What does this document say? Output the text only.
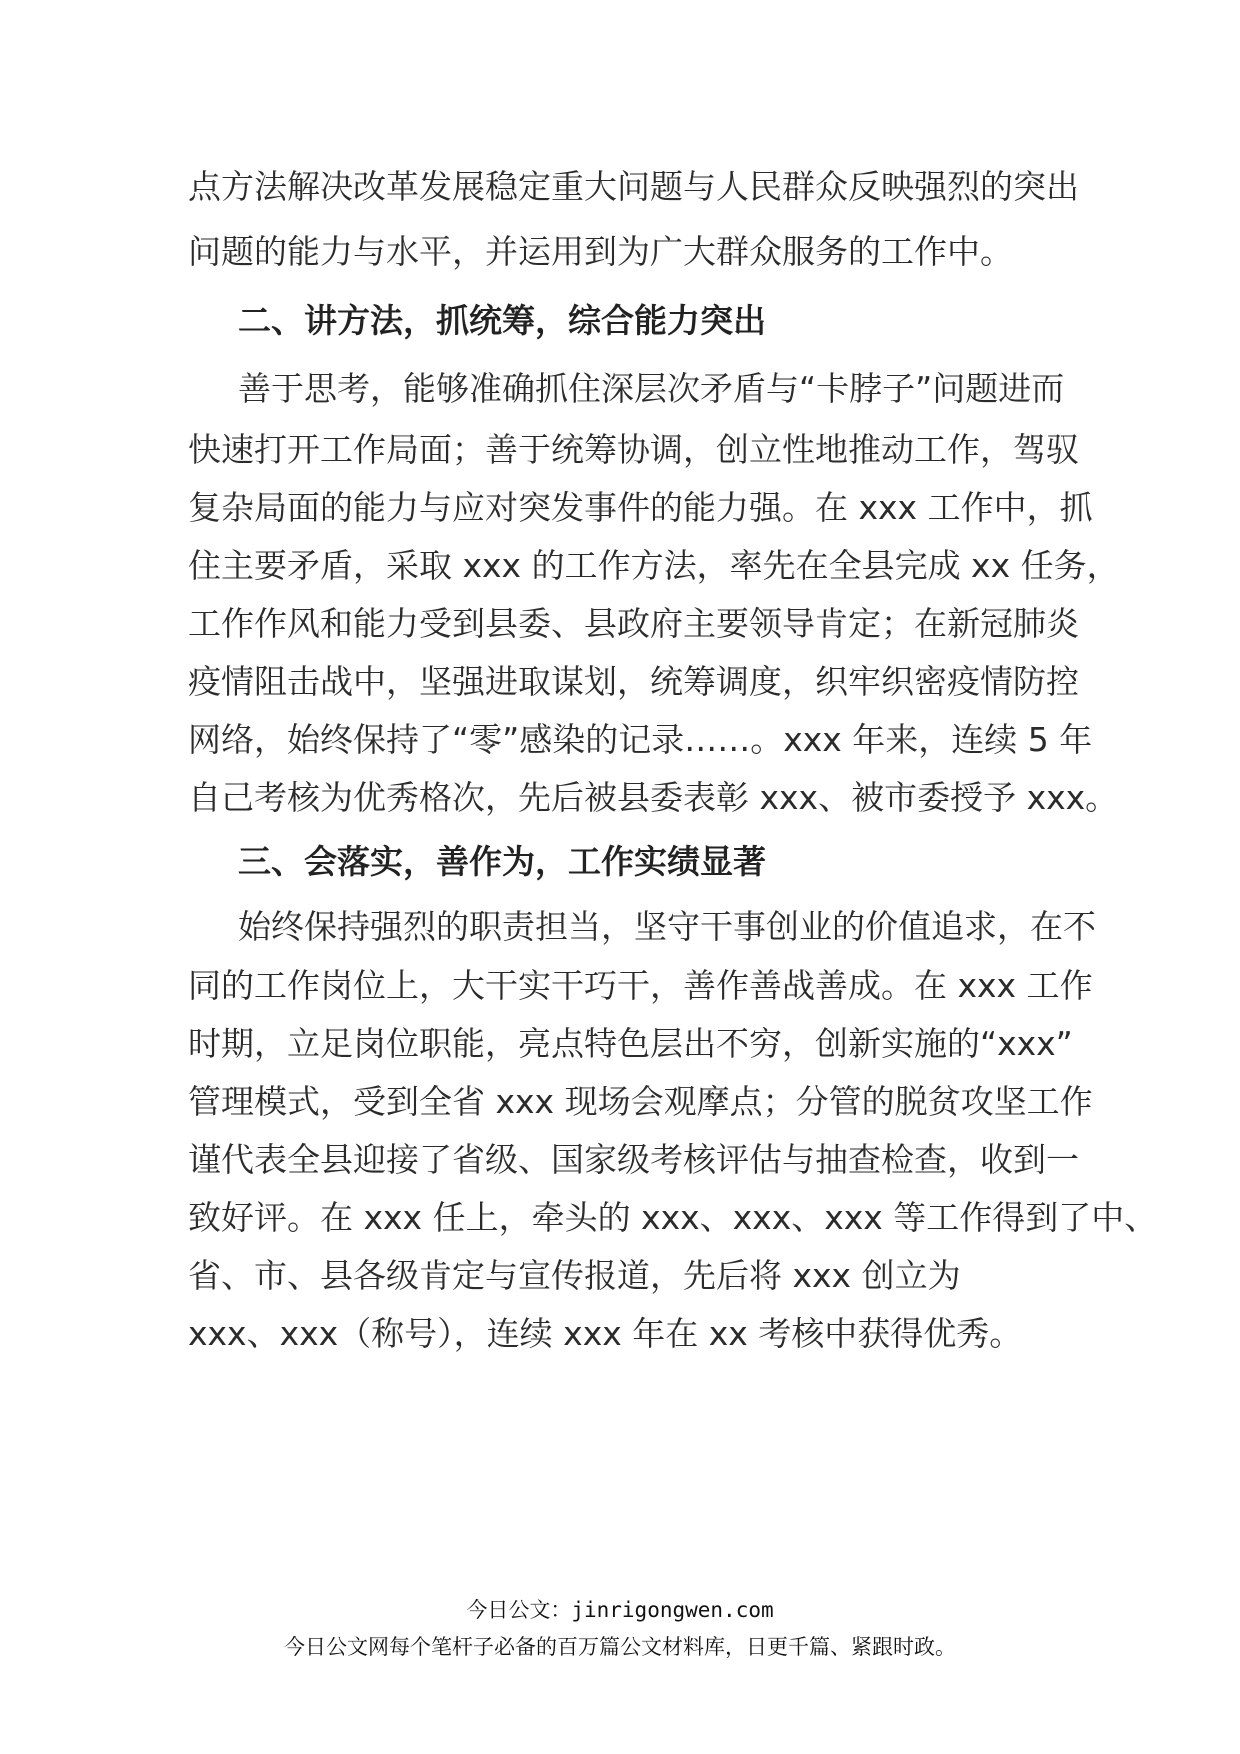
点方法解决改革发展稳定重大问题与人民群众反映强烈的突出
问题的能力与水平，并运用到为广大群众服务的工作中。
二、讲方法，抓统筹，综合能力突出
善于思考，能够准确抓住深层次矛盾与“卡脖子”问题进而
快速打开工作局面；善于统筹协调，创立性地推动工作，驾驭
复杂局面的能力与应对突发事件的能力强。在 xxx 工作中，抓
住主要矛盾，采取 xxx 的工作方法，率先在全县完成 xx 任务，
工作作风和能力受到县委、县政府主要领导肯定；在新冠肺炎
疫情阻击战中，坚强进取谋划，统筹调度，织牢织密疫情防控
网络，始终保持了“零”感染的记录……。xxx 年来，连续 5 年
自己考核为优秀格次，先后被县委表彰 xxx、被市委授予 xxx。
三、会落实，善作为，工作实绩显著
始终保持强烈的职责担当，坚守干事创业的价值追求，在不
同的工作岗位上，大干实干巧干，善作善战善成。在 xxx 工作
时期，立足岗位职能，亮点特色层出不穷，创新实施的“xxx”
管理模式，受到全省 xxx 现场会观摩点；分管的脱贫攻坚工作
谨代表全县迎接了省级、国家级考核评估与抽查检查，收到一
致好评。在 xxx 任上，牵头的 xxx、xxx、xxx 等工作得到了中、
省、市、县各级肯定与宣传报道，先后将 xxx 创立为
xxx、xxx（称号），连续 xxx 年在 xx 考核中获得优秀。
今日公文：jinrigongwen.com
今日公文网每个笔杆子必备的百万篇公文材料库，日更千篇、紧跟时政。
